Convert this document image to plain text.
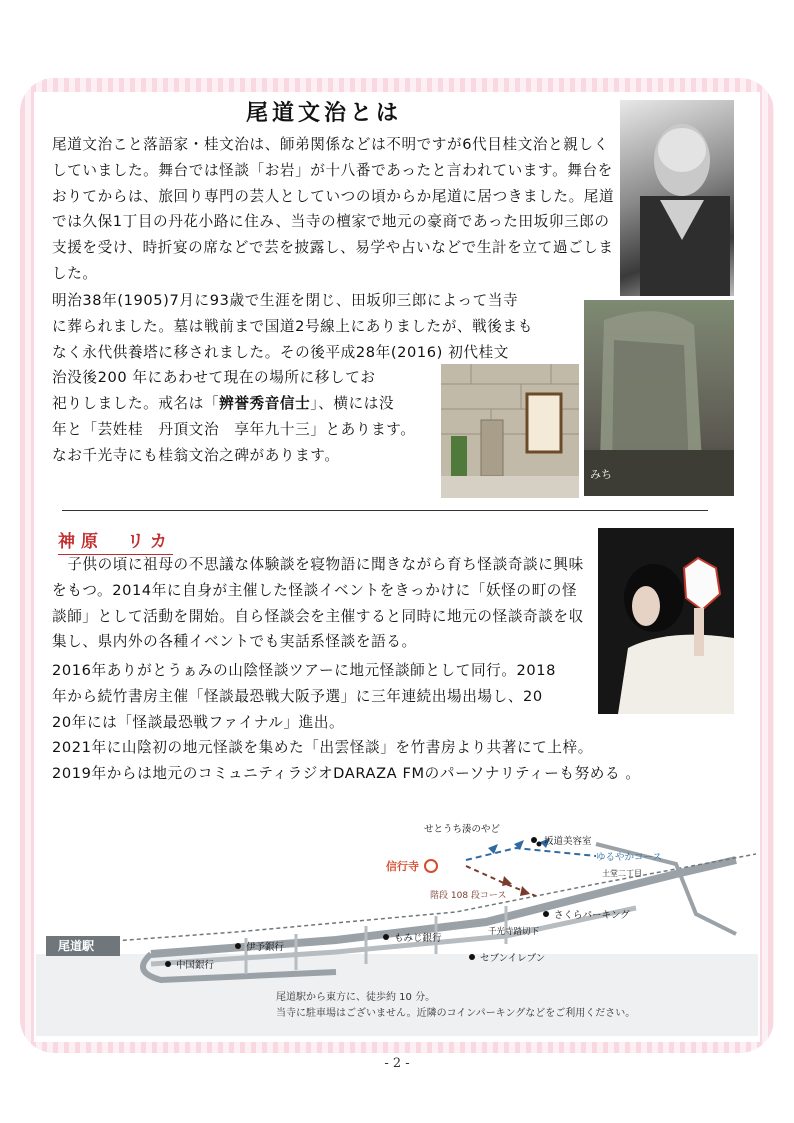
尾道文治とは

尾道文治こと落語家・桂文治は、師弟関係などは不明ですが6代目桂文治と親しくしていました。舞台では怪談「お岩」が十八番であったと言われています。舞台をおりてからは、旅回り専門の芸人としていつの頃からか尾道に居つきました。尾道では久保1丁目の丹花小路に住み、当寺の檀家で地元の豪商であった田坂卯三郎の支援を受け、時折宴の席などで芸を披露し、易学や占いなどで生計を立て過ごしました。

明治38年(1905)7月に93歳で生涯を閉じ、田坂卯三郎によって当寺
に葬られました。墓は戦前まで国道2号線上にありましたが、戦後まも
なく永代供養塔に移されました。その後平成28年(2016) 初代桂文
治没後200 年にあわせて現在の場所に移してお
祀りしました。戒名は「辨誉秀音信士」、横には没
年と「芸姓桂　丹頂文治　享年九十三」とあります。
なお千光寺にも桂翁文治之碑があります。
みち
神原　リカ

　子供の頃に祖母の不思議な体験談を寝物語に聞きながら育ち怪談奇談に興味をもつ。2014年に自身が主催した怪談イベントをきっかけに「妖怪の町の怪談師」として活動を開始。自ら怪談会を主催すると同時に地元の怪談奇談を収集し、県内外の各種イベントでも実話系怪談を語る。

2016年ありがとうぁみの山陰怪談ツアーに地元怪談師として同行。2018
年から続竹書房主催「怪談最恐戦大阪予選」に三年連続出場出場し、20
20年には「怪談最恐戦ファイナル」進出。
2021年に山陰初の地元怪談を集めた「出雲怪談」を竹書房より共著にて上梓。
2019年からは地元のコミュニティラジオDARAZA FMのパーソナリティーも努める 。
尾道駅
信行寺
せとうち湊のやど
坂道美容室
ゆるやかコース
土堂二丁目
階段 108 段コース
さくらパーキング
千光寺踏切下
もみじ銀行
伊予銀行
中国銀行
セブンイレブン
尾道駅から東方に、徒歩約 10 分。
当寺に駐車場はございません。近隣のコインパーキングなどをご利用ください。
- 2 -
